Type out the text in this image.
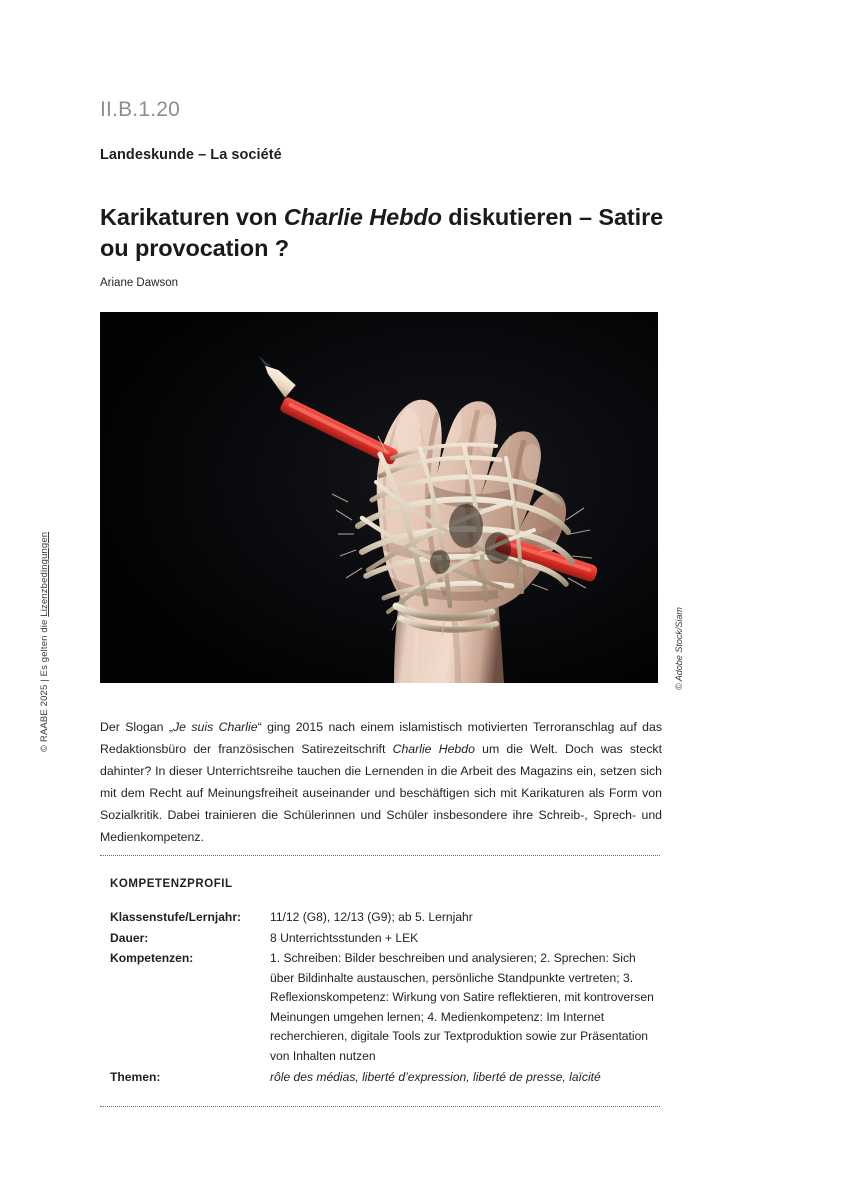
© RAABE 2025 | Es gelten die Lizenzbedingungen
II.B.1.20
Landeskunde – La société
Karikaturen von Charlie Hebdo diskutieren – Satire ou provocation ?
Ariane Dawson
© Adobe Stock/Siam

Der Slogan „Je suis Charlie“ ging 2015 nach einem islamistisch motivierten Terroranschlag auf das Redaktionsbüro der französischen Satirezeitschrift Charlie Hebdo um die Welt. Doch was steckt dahinter? In dieser Unterrichtsreihe tauchen die Lernenden in die Arbeit des Magazins ein, setzen sich mit dem Recht auf Meinungsfreiheit auseinander und beschäftigen sich mit Karikaturen als Form von Sozialkritik. Dabei trainieren die Schülerinnen und Schüler insbesondere ihre Schreib-, Sprech- und Medienkompetenz.

KOMPETENZPROFIL
Klassenstufe/Lernjahr:	11/12 (G8), 12/13 (G9); ab 5. Lernjahr
Dauer:	8 Unterrichtsstunden + LEK
Kompetenzen:	1. Schreiben: Bilder beschreiben und analysieren; 2. Sprechen: Sich über Bildinhalte austauschen, persönliche Standpunkte vertreten; 3. Reflexionskompetenz: Wirkung von Satire reflektieren, mit kontroversen Meinungen umgehen lernen; 4. Medienkompetenz: Im Internet recherchieren, digitale Tools zur Textproduktion sowie zur Präsentation von Inhalten nutzen
Themen:	rôle des médias, liberté d’expression, liberté de presse, laïcité
